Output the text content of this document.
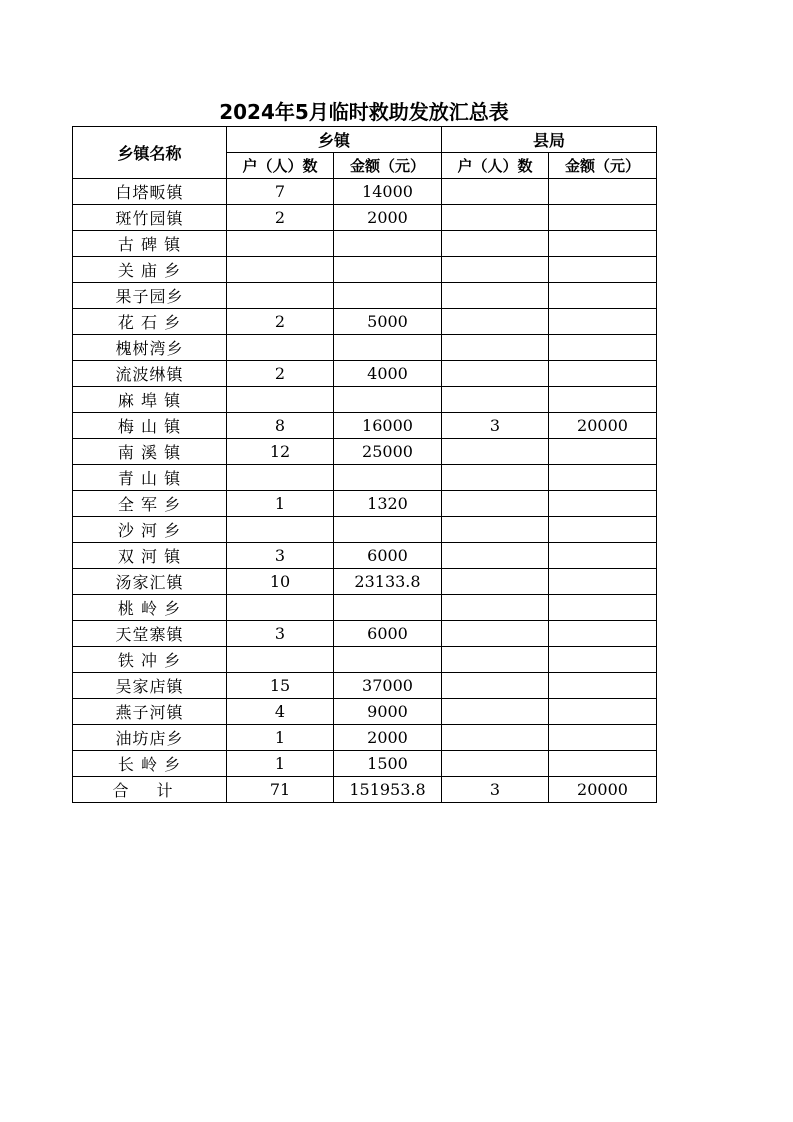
2024年5月临时救助发放汇总表
乡镇名称	乡镇		县局	
	户（人）数	金额（元）	户（人）数	金额（元）
白塔畈镇	7	14000		
斑竹园镇	2	2000		
古 碑 镇				
关 庙 乡				
果子园乡				
花 石 乡	2	5000		
槐树湾乡				
流波𬘭镇	2	4000		
麻 埠 镇				
梅 山 镇	8	16000	3	20000
南 溪 镇	12	25000		
青 山 镇				
全 军 乡	1	1320		
沙 河 乡				
双 河 镇	3	6000		
汤家汇镇	10	23133.8		
桃 岭 乡				
天堂寨镇	3	6000		
铁 冲 乡				
吴家店镇	15	37000		
燕子河镇	4	9000		
油坊店乡	1	2000		
长 岭 乡	1	1500		
合计	71	151953.8	3	20000
